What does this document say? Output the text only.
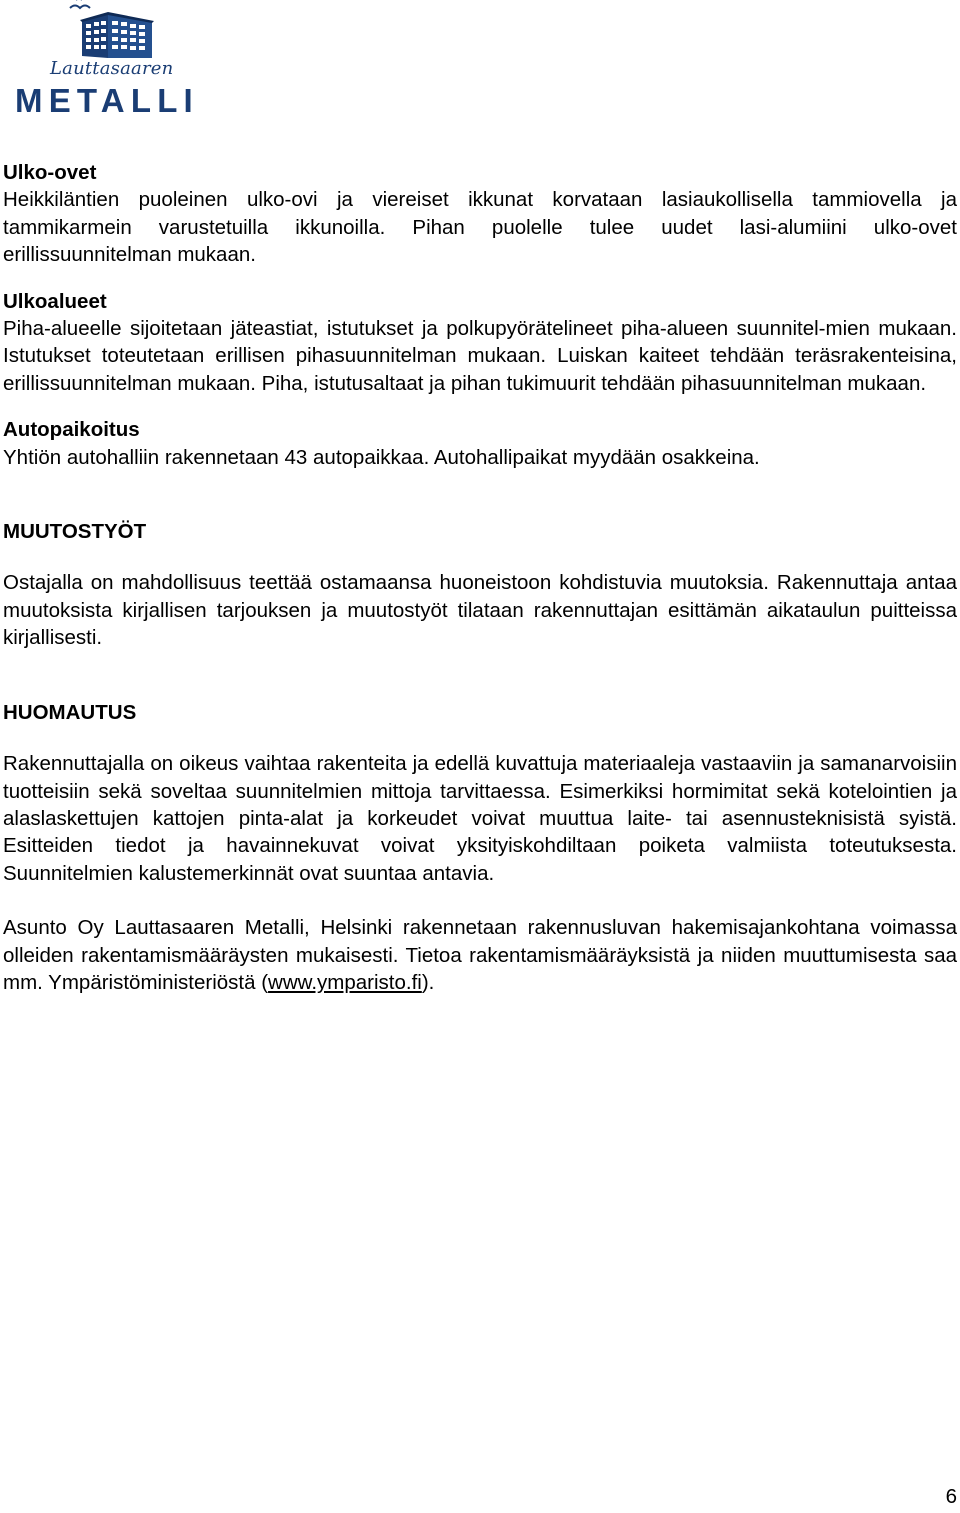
Lauttasaaren
METALLI

Ulko-ovet

Heikkiläntien puoleinen ulko-ovi ja viereiset ikkunat korvataan lasiaukollisella tammiovella ja tammikarmein varustetuilla ikkunoilla. Pihan puolelle tulee uudet lasi-alumiini ulko-ovet erillissuunnitelman mukaan.

Ulkoalueet

Piha-alueelle sijoitetaan jäteastiat, istutukset ja polkupyörätelineet piha-alueen suunnitel-mien mukaan. Istutukset toteutetaan erillisen pihasuunnitelman mukaan. Luiskan kaiteet tehdään teräsrakenteisina, erillissuunnitelman mukaan. Piha, istutusaltaat ja pihan tukimuurit tehdään pihasuunnitelman mukaan.

Autopaikoitus

Yhtiön autohalliin rakennetaan 43 autopaikkaa. Autohallipaikat myydään osakkeina.

MUUTOSTYÖT

Ostajalla on mahdollisuus teettää ostamaansa huoneistoon kohdistuvia muutoksia. Rakennuttaja antaa muutoksista kirjallisen tarjouksen ja muutostyöt tilataan rakennuttajan esittämän aikataulun puitteissa kirjallisesti.

HUOMAUTUS

Rakennuttajalla on oikeus vaihtaa rakenteita ja edellä kuvattuja materiaaleja vastaaviin ja samanarvoisiin tuotteisiin sekä soveltaa suunnitelmien mittoja tarvittaessa. Esimerkiksi hormimitat sekä kotelointien ja alaslaskettujen kattojen pinta-alat ja korkeudet voivat muuttua laite- tai asennusteknisistä syistä. Esitteiden tiedot ja havainnekuvat voivat yksityiskohdiltaan poiketa valmiista toteutuksesta. Suunnitelmien kalustemerkinnät ovat suuntaa antavia.

Asunto Oy Lauttasaaren Metalli, Helsinki rakennetaan rakennusluvan hakemisajankohtana voimassa olleiden rakentamismääräysten mukaisesti. Tietoa rakentamismääräyksistä ja niiden muuttumisesta saa mm. Ympäristöministeriöstä (www.ymparisto.fi).

6
